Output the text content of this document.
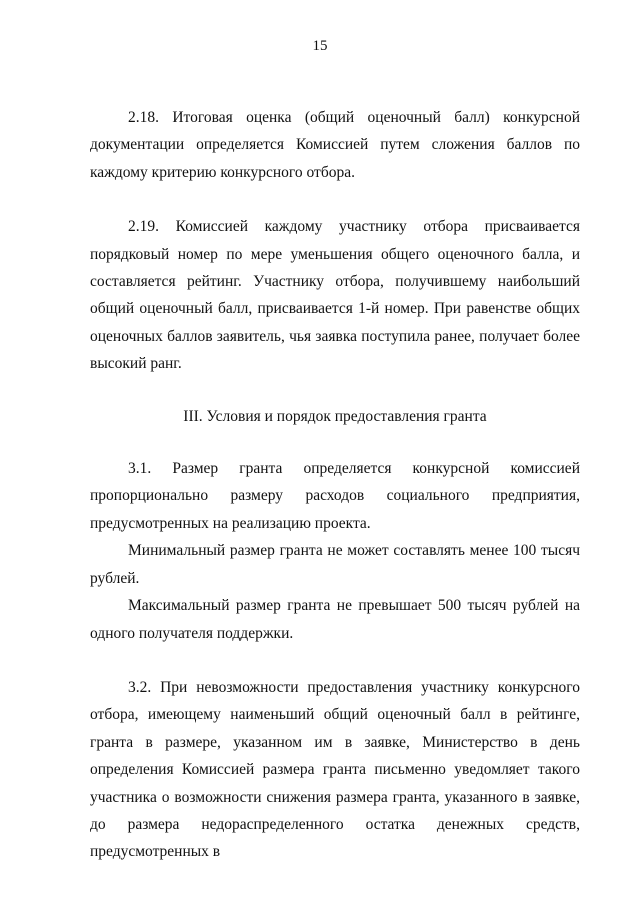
15

2.18. Итоговая оценка (общий оценочный балл) конкурсной документации определяется Комиссией путем сложения баллов по каждому критерию конкурсного отбора.

2.19. Комиссией каждому участнику отбора присваивается порядковый номер по мере уменьшения общего оценочного балла, и составляется рейтинг. Участнику отбора, получившему наибольший общий оценочный балл, присваивается 1-й номер. При равенстве общих оценочных баллов заявитель, чья заявка поступила ранее, получает более высокий ранг.

III. Условия и порядок предоставления гранта

3.1. Размер гранта определяется конкурсной комиссией пропорционально размеру расходов социального предприятия, предусмотренных на реализацию проекта.

Минимальный размер гранта не может составлять менее 100 тысяч рублей.

Максимальный размер гранта не превышает 500 тысяч рублей на одного получателя поддержки.

3.2. При невозможности предоставления участнику конкурсного отбора, имеющему наименьший общий оценочный балл в рейтинге, гранта в размере, указанном им в заявке, Министерство в день определения Комиссией размера гранта письменно уведомляет такого участника о возможности снижения размера гранта, указанного в заявке, до размера недораспределенного остатка денежных средств, предусмотренных в
